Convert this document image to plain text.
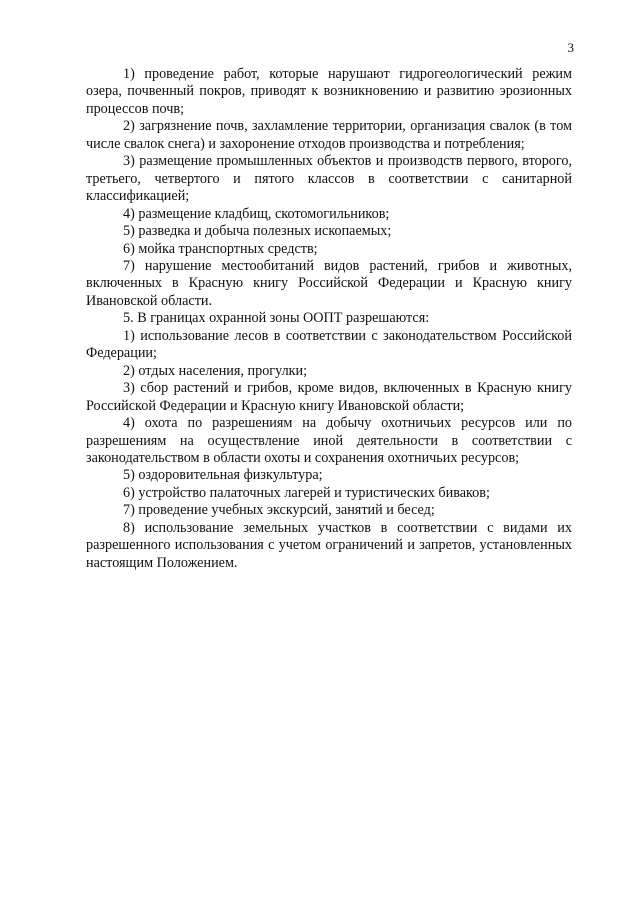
3

1) проведение работ, которые нарушают гидрогеологический режим озера, почвенный покров, приводят к возникновению и развитию эрозионных процессов почв;

2) загрязнение почв, захламление территории, организация свалок (в том числе свалок снега) и захоронение отходов производства и потребления;

3) размещение промышленных объектов и производств первого, второго, третьего, четвертого и пятого классов в соответствии с санитарной классификацией;

4) размещение кладбищ, скотомогильников;

5) разведка и добыча полезных ископаемых;

6) мойка транспортных средств;

7) нарушение местообитаний видов растений, грибов и животных, включенных в Красную книгу Российской Федерации и Красную книгу Ивановской области.

5. В границах охранной зоны ООПТ разрешаются:

1) использование лесов в соответствии с законодательством Российской Федерации;

2) отдых населения, прогулки;

3) сбор растений и грибов, кроме видов, включенных в Красную книгу Российской Федерации и Красную книгу Ивановской области;

4) охота по разрешениям на добычу охотничьих ресурсов или по разрешениям на осуществление иной деятельности в соответствии с законодательством в области охоты и сохранения охотничьих ресурсов;

5) оздоровительная физкультура;

6) устройство палаточных лагерей и туристических биваков;

7) проведение учебных экскурсий, занятий и бесед;

8) использование земельных участков в соответствии с видами их разрешенного использования с учетом ограничений и запретов, установленных настоящим Положением.
